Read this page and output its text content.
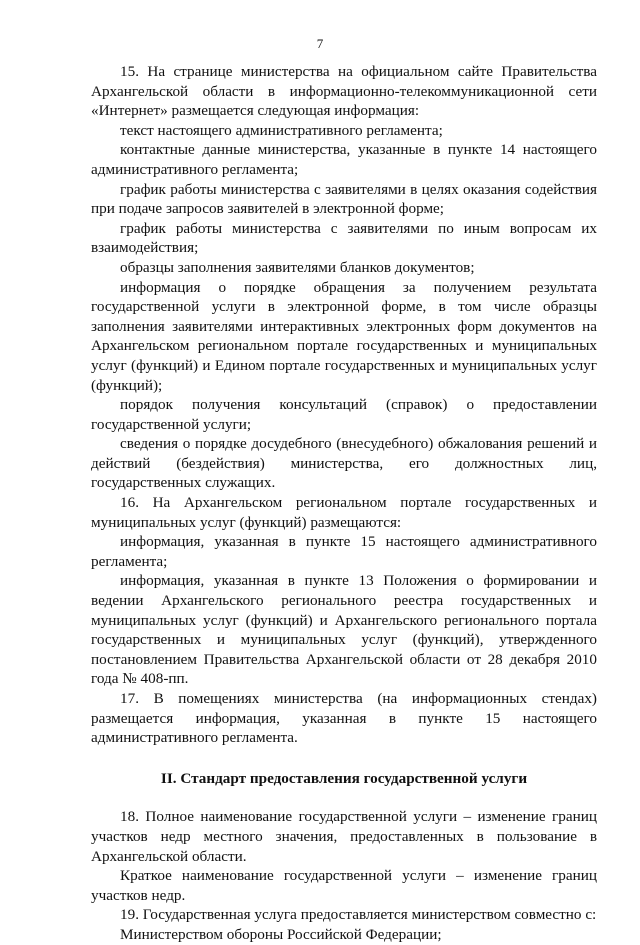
7

15. На странице министерства на официальном сайте Правительства Архангельской области в информационно-телекоммуникационной сети «Интернет» размещается следующая информация:

текст настоящего административного регламента;

контактные данные министерства, указанные в пункте 14 настоящего административного регламента;

график работы министерства с заявителями в целях оказания содействия при подаче запросов заявителей в электронной форме;

график работы министерства с заявителями по иным вопросам их взаимодействия;

образцы заполнения заявителями бланков документов;

информация о порядке обращения за получением результата государственной услуги в электронной форме, в том числе образцы заполнения заявителями интерактивных электронных форм документов на Архангельском региональном портале государственных и муниципальных услуг (функций) и Едином портале государственных и муниципальных услуг (функций);

порядок получения консультаций (справок) о предоставлении государственной услуги;

сведения о порядке досудебного (внесудебного) обжалования решений и действий (бездействия) министерства, его должностных лиц, государственных служащих.

16. На Архангельском региональном портале государственных и муниципальных услуг (функций) размещаются:

информация, указанная в пункте 15 настоящего административного регламента;

информация, указанная в пункте 13 Положения о формировании и ведении Архангельского регионального реестра государственных и муниципальных услуг (функций) и Архангельского регионального портала государственных и муниципальных услуг (функций), утвержденного постановлением Правительства Архангельской области от 28 декабря 2010 года № 408-пп.

17. В помещениях министерства (на информационных стендах) размещается информация, указанная в пункте 15 настоящего административного регламента.

II. Стандарт предоставления государственной услуги

18. Полное наименование государственной услуги – изменение границ участков недр местного значения, предоставленных в пользование в Архангельской области.

Краткое наименование государственной услуги – изменение границ участков недр.

19. Государственная услуга предоставляется министерством совместно с:

Министерством обороны Российской Федерации;
